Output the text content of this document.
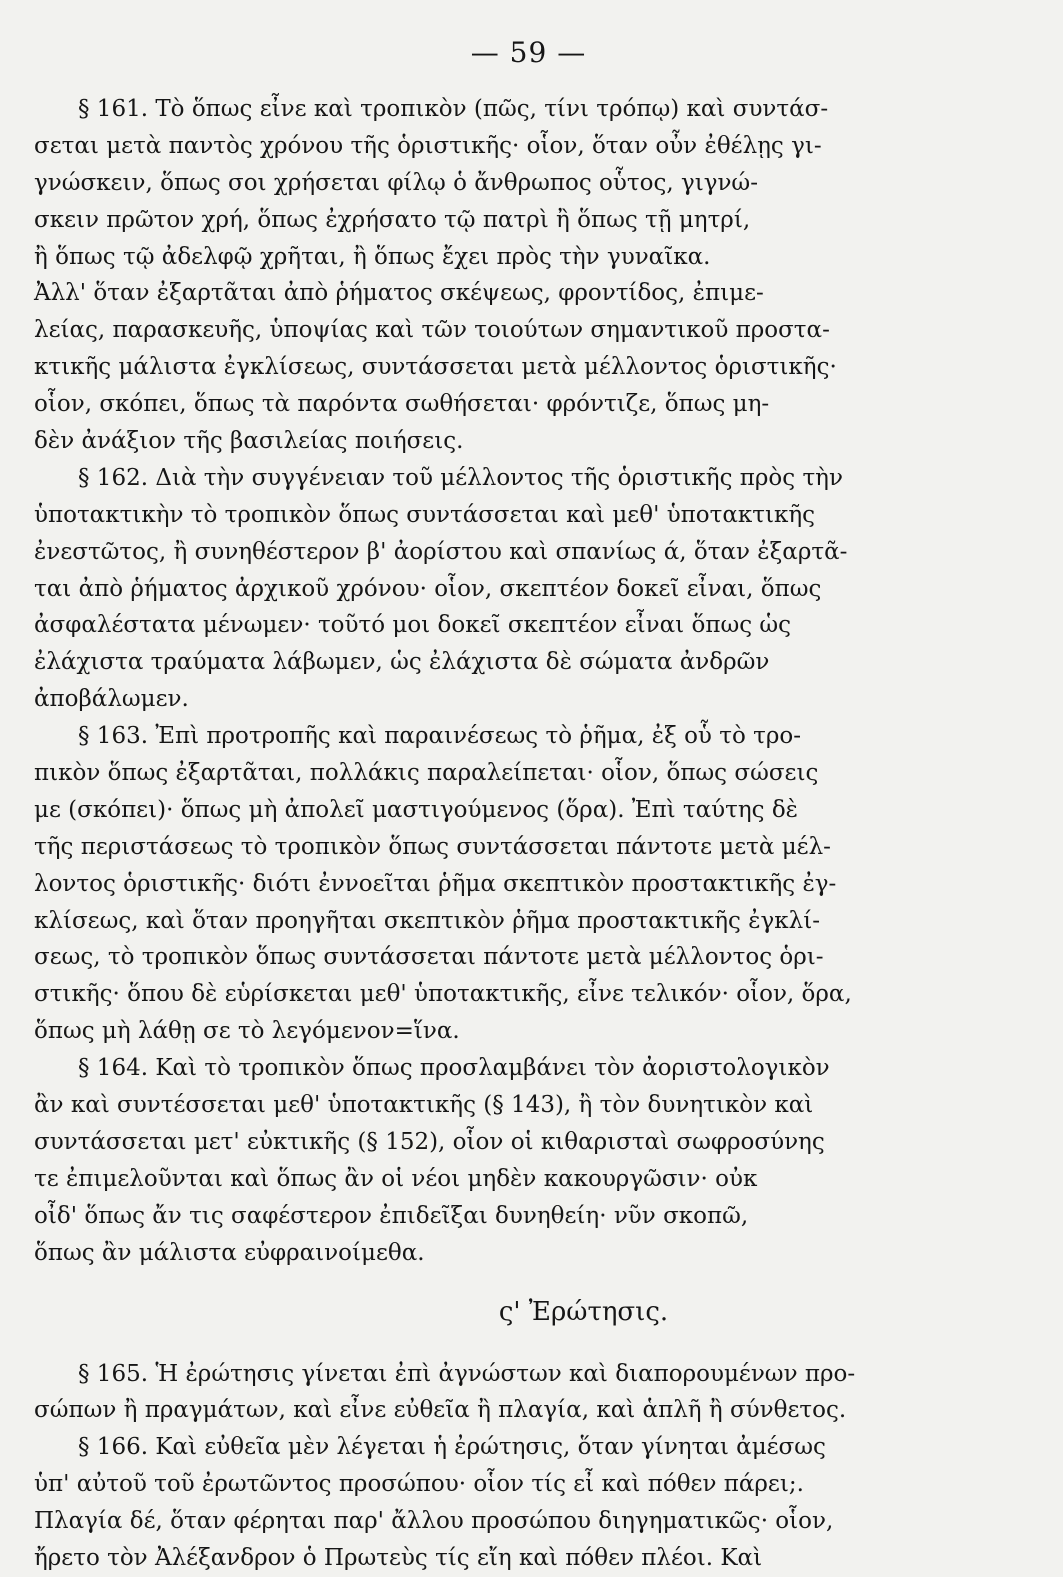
— 59 —
§ 161. Τὸ ὅπως εἶνε καὶ τροπικὸν (πῶς, τίνι τρόπῳ) καὶ συντάσ-
σεται μετὰ παντὸς χρόνου τῆς ὁριστικῆς· οἷον, ὅταν οὖν ἐθέλῃς γι-
γνώσκειν, ὅπως σοι χρήσεται φίλῳ ὁ ἄνθρωπος οὗτος, γιγνώ-
σκειν πρῶτον χρή, ὅπως ἐχρήσατο τῷ πατρὶ ἢ ὅπως τῇ μητρί,
ἢ ὅπως τῷ ἀδελφῷ χρῆται, ἢ ὅπως ἔχει πρὸς τὴν γυναῖκα.
Ἀλλ' ὅταν ἐξαρτᾶται ἀπὸ ῥήματος σκέψεως, φροντίδος, ἐπιμε-
λείας, παρασκευῆς, ὑποψίας καὶ τῶν τοιούτων σημαντικοῦ προστα-
κτικῆς μάλιστα ἐγκλίσεως, συντάσσεται μετὰ μέλλοντος ὁριστικῆς·
οἷον, σκόπει, ὅπως τὰ παρόντα σωθήσεται· φρόντιζε, ὅπως μη-
δὲν ἀνάξιον τῆς βασιλείας ποιήσεις.
§ 162. Διὰ τὴν συγγένειαν τοῦ μέλλοντος τῆς ὁριστικῆς πρὸς τὴν
ὑποτακτικὴν τὸ τροπικὸν ὅπως συντάσσεται καὶ μεθ' ὑποτακτικῆς
ἐνεστῶτος, ἢ συνηθέστερον β' ἀορίστου καὶ σπανίως ά, ὅταν ἐξαρτᾶ-
ται ἀπὸ ῥήματος ἀρχικοῦ χρόνου· οἷον, σκεπτέον δοκεῖ εἶναι, ὅπως
ἀσφαλέστατα μένωμεν· τοῦτό μοι δοκεῖ σκεπτέον εἶναι ὅπως ὡς
ἐλάχιστα τραύματα λάβωμεν, ὡς ἐλάχιστα δὲ σώματα ἀνδρῶν
ἀποβάλωμεν.
§ 163. Ἐπὶ προτροπῆς καὶ παραινέσεως τὸ ῥῆμα, ἐξ οὗ τὸ τρο-
πικὸν ὅπως ἐξαρτᾶται, πολλάκις παραλείπεται· οἷον, ὅπως σώσεις
με (σκόπει)· ὅπως μὴ ἀπολεῖ μαστιγούμενος (ὅρα). Ἐπὶ ταύτης δὲ
τῆς περιστάσεως τὸ τροπικὸν ὅπως συντάσσεται πάντοτε μετὰ μέλ-
λοντος ὁριστικῆς· διότι ἐννοεῖται ῥῆμα σκεπτικὸν προστακτικῆς ἐγ-
κλίσεως, καὶ ὅταν προηγῆται σκεπτικὸν ῥῆμα προστακτικῆς ἐγκλί-
σεως, τὸ τροπικὸν ὅπως συντάσσεται πάντοτε μετὰ μέλλοντος ὁρι-
στικῆς· ὅπου δὲ εὑρίσκεται μεθ' ὑποτακτικῆς, εἶνε τελικόν· οἷον, ὅρα,
ὅπως μὴ λάθῃ σε τὸ λεγόμενον=ἵνα.
§ 164. Καὶ τὸ τροπικὸν ὅπως προσλαμβάνει τὸν ἀοριστολογικὸν
ἂν καὶ συντέσσεται μεθ' ὑποτακτικῆς (§ 143), ἢ τὸν δυνητικὸν καὶ
συντάσσεται μετ' εὐκτικῆς (§ 152), οἷον οἱ κιθαρισταὶ σωφροσύνης
τε ἐπιμελοῦνται καὶ ὅπως ἂν οἱ νέοι μηδὲν κακουργῶσιν· οὐκ
οἶδ' ὅπως ἄν τις σαφέστερον ἐπιδεῖξαι δυνηθείη· νῦν σκοπῶ,
ὅπως ἂν μάλιστα εὐφραινοίμεθα.
ς' Ἐρώτησις.
§ 165. Ἡ ἐρώτησις γίνεται ἐπὶ ἀγνώστων καὶ διαπορουμένων προ-
σώπων ἢ πραγμάτων, καὶ εἶνε εὐθεῖα ἢ πλαγία, καὶ ἁπλῆ ἢ σύνθετος.
§ 166. Καὶ εὐθεῖα μὲν λέγεται ἡ ἐρώτησις, ὅταν γίνηται ἀμέσως
ὑπ' αὐτοῦ τοῦ ἐρωτῶντος προσώπου· οἷον τίς εἶ καὶ πόθεν πάρει;.
Πλαγία δέ, ὅταν φέρηται παρ' ἄλλου προσώπου διηγηματικῶς· οἷον,
ἤρετο τὸν Ἀλέξανδρον ὁ Πρωτεὺς τίς εἴη καὶ πόθεν πλέοι. Καὶ
